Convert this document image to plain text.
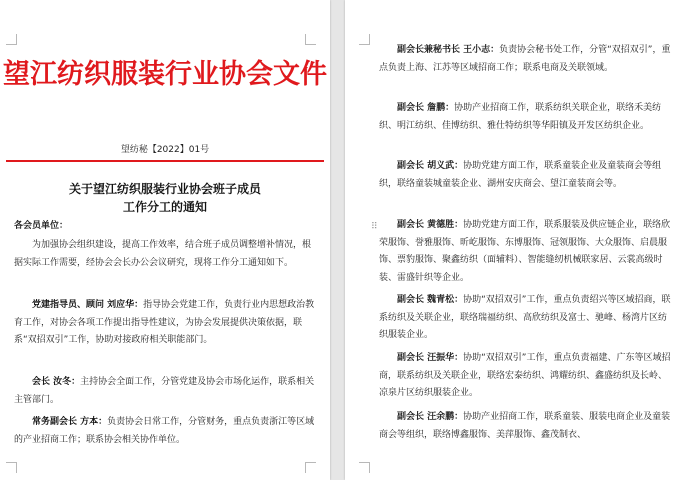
望江纺织服装行业协会文件
望纺秘【2022】01号
关于望江纺织服装行业协会班子成员
工作分工的通知

各会员单位：

为加强协会组织建设，提高工作效率，结合班子成员调整增补情况，根据实际工作需要，经协会会长办公会议研究，现将工作分工通知如下。

党建指导员、顾问 刘应华：指导协会党建工作，负责行业内思想政治教育工作，对协会各项工作提出指导性建议，为协会发展提供决策依据，联系“双招双引”工作，协助对接政府相关职能部门。

会长 汝冬：主持协会全面工作，分管党建及协会市场化运作，联系相关主管部门。

常务副会长 方本：负责协会日常工作，分管财务，重点负责浙江等区域的产业招商工作；联系协会相关协作单位。

副会长兼秘书长 王小志：负责协会秘书处工作，分管“双招双引”，重点负责上海、江苏等区域招商工作；联系电商及关联领域。

副会长 詹鹏：协助产业招商工作，联系纺织关联企业，联络禾美纺织、明江纺织、佳博纺织、雅仕特纺织等华阳镇及开发区纺织企业。

副会长 胡义武：协助党建方面工作，联系童装企业及童装商会等组织，联络童装城童装企业、湖州安庆商会、望江童装商会等。

副会长 黄德胜：协助党建方面工作，联系服装及供应链企业，联络欣荣服饰、誉雅服饰、昕屹服饰、东博服饰、冠领服饰、大众服饰、启晨服饰、票豹服饰、聚鑫纺织（面辅料）、智能缝纫机械联家居、云裳高级时装、雷盛针织等企业。

副会长 魏青松：协助“双招双引”工作，重点负责绍兴等区域招商，联系纺织及关联企业，联络瑞福纺织、高欣纺织及富士、驰峰、杨湾片区纺织服装企业。

副会长 汪振华：协助“双招双引”工作，重点负责福建、广东等区域招商，联系纺织及关联企业，联络宏泰纺织、鸿耀纺织、鑫盛纺织及长岭、凉泉片区纺织服装企业。

副会长 汪余鹏：协助产业招商工作，联系童装、服装电商企业及童装商会等组织，联络博鑫服饰、美萍服饰、鑫茂制衣、

⠿
